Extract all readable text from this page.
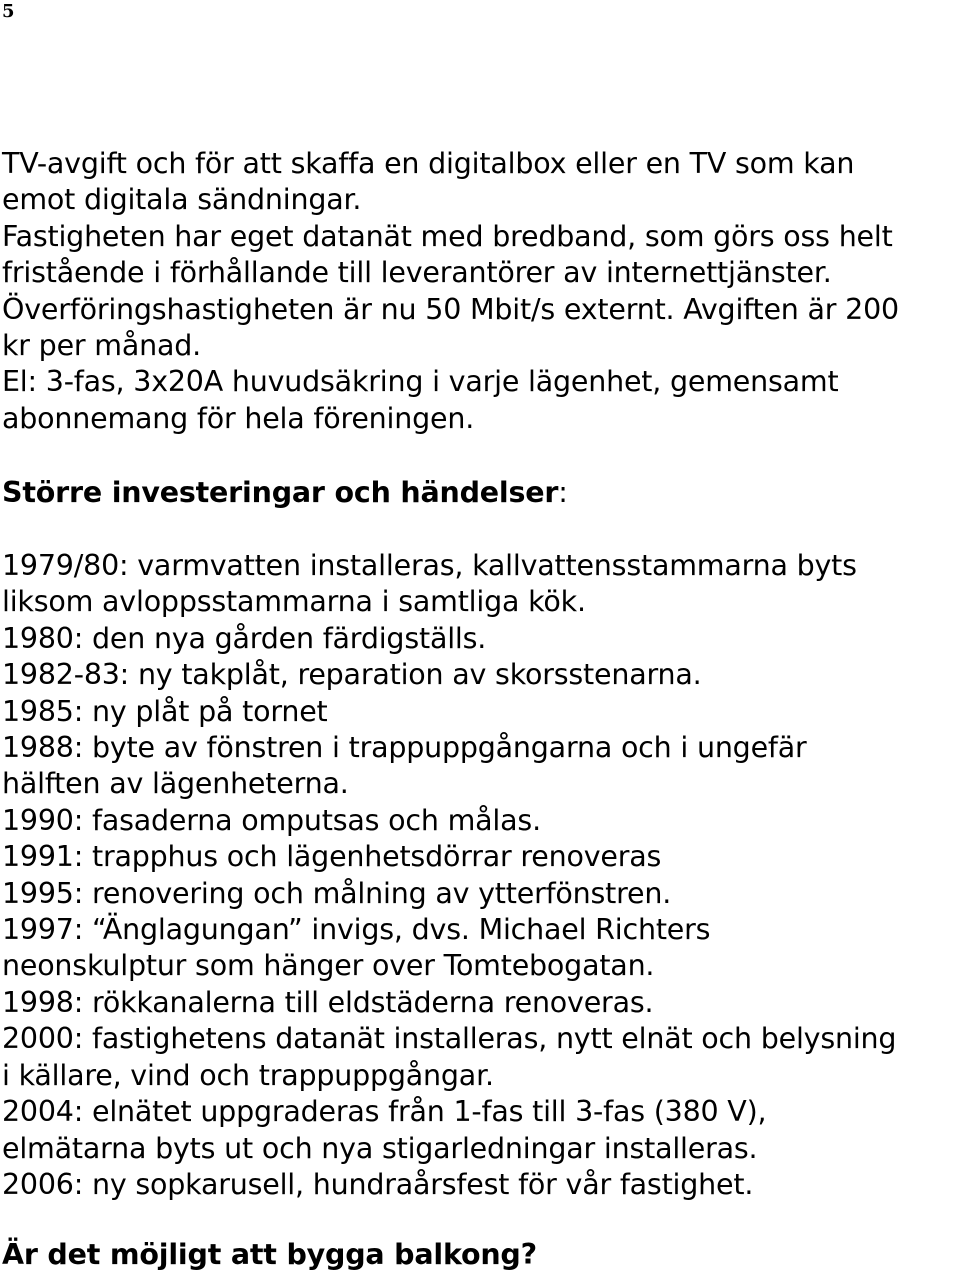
5

TV-avgift och för att skaffa en digitalbox eller en TV som kan

emot digitala sändningar.

Fastigheten har eget datanät med bredband, som görs oss helt

fristående i förhållande till leverantörer av internettjänster.

Överföringshastigheten är nu 50 Mbit/s externt. Avgiften är 200

kr per månad.

El: 3-fas, 3x20A huvudsäkring i varje lägenhet, gemensamt

abonnemang för hela föreningen.

Större investeringar och händelser:
1979/80: varmvatten installeras, kallvattensstammarna byts
liksom avloppsstammarna i samtliga kök.
1980: den nya gården färdigställs.
1982-83: ny takplåt, reparation av skorsstenarna.
1985: ny plåt på tornet
1988: byte av fönstren i trappuppgångarna och i ungefär
hälften av lägenheterna.
1990: fasaderna omputsas och målas.
1991: trapphus och lägenhetsdörrar renoveras
1995: renovering och målning av ytterfönstren.
1997: “Änglagungan” invigs, dvs. Michael Richters
neonskulptur som hänger over Tomtebogatan.
1998: rökkanalerna till eldstäderna renoveras.
2000: fastighetens datanät installeras, nytt elnät och belysning
i källare, vind och trappuppgångar.
2004: elnätet uppgraderas från 1-fas till 3-fas (380 V),
elmätarna byts ut och nya stigarledningar installeras.
2006: ny sopkarusell, hundraårsfest för vår fastighet.
Är det möjligt att bygga balkong?
